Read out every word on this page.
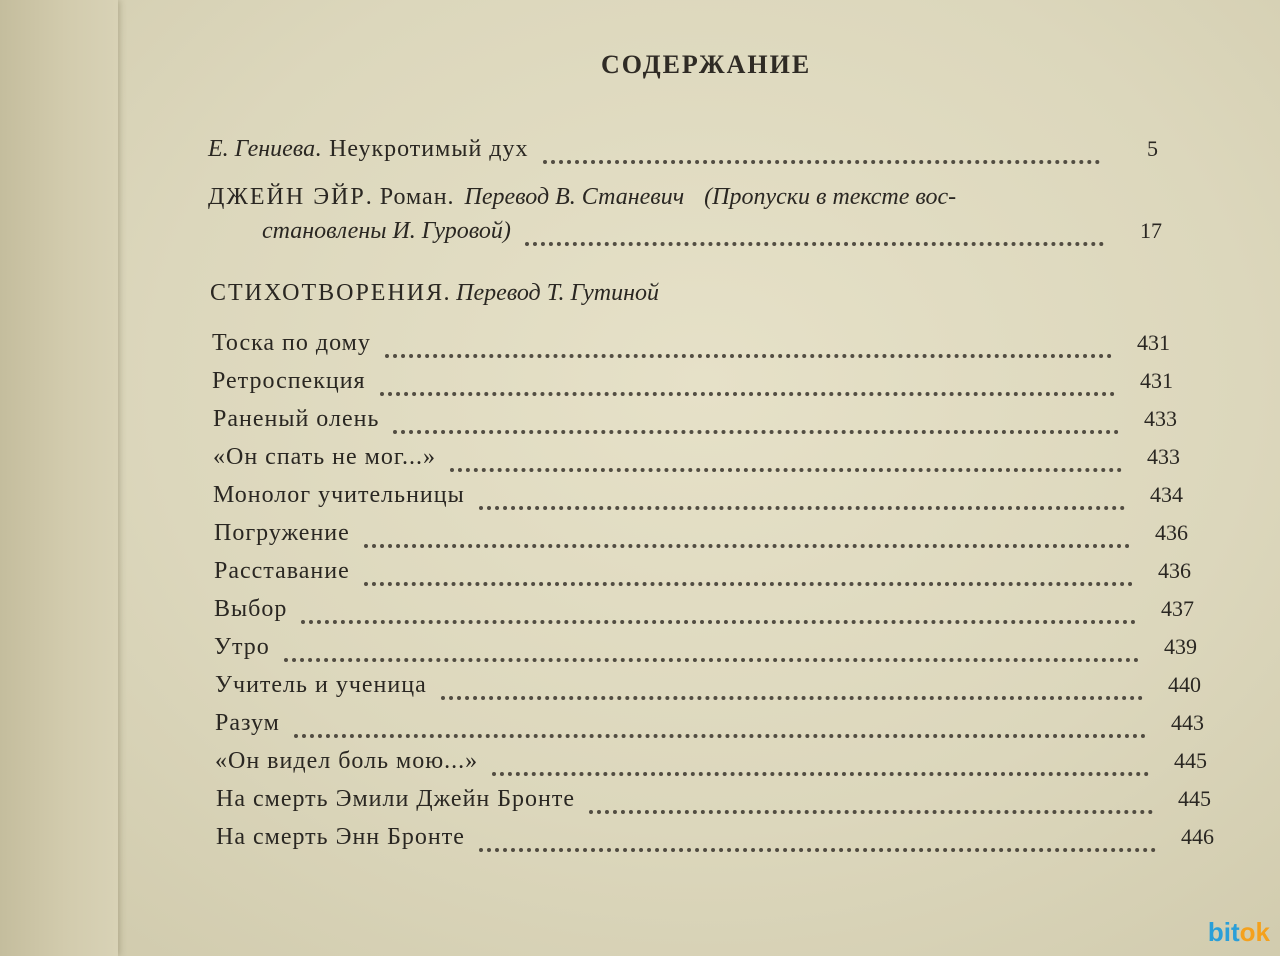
СОДЕРЖАНИЕ
Е. Гениева . Неукротимый дух	5
ДЖЕЙН ЭЙР . Роман. Перевод В. Станевич (Пропуски в тексте вос-
становлены И. Гуровой)	17
СТИХОТВОРЕНИЯ . Перевод Т. Гутиной
Тоска по дому	431
Ретроспекция	431
Раненый олень	433
«Он спать не мог...»	433
Монолог учительницы	434
Погружение	436
Расставание	436
Выбор	437
Утро	439
Учитель и ученица	440
Разум	443
«Он видел боль мою...»	445
На смерть Эмили Джейн Бронте	445
На смерть Энн Бронте	446
bitok
